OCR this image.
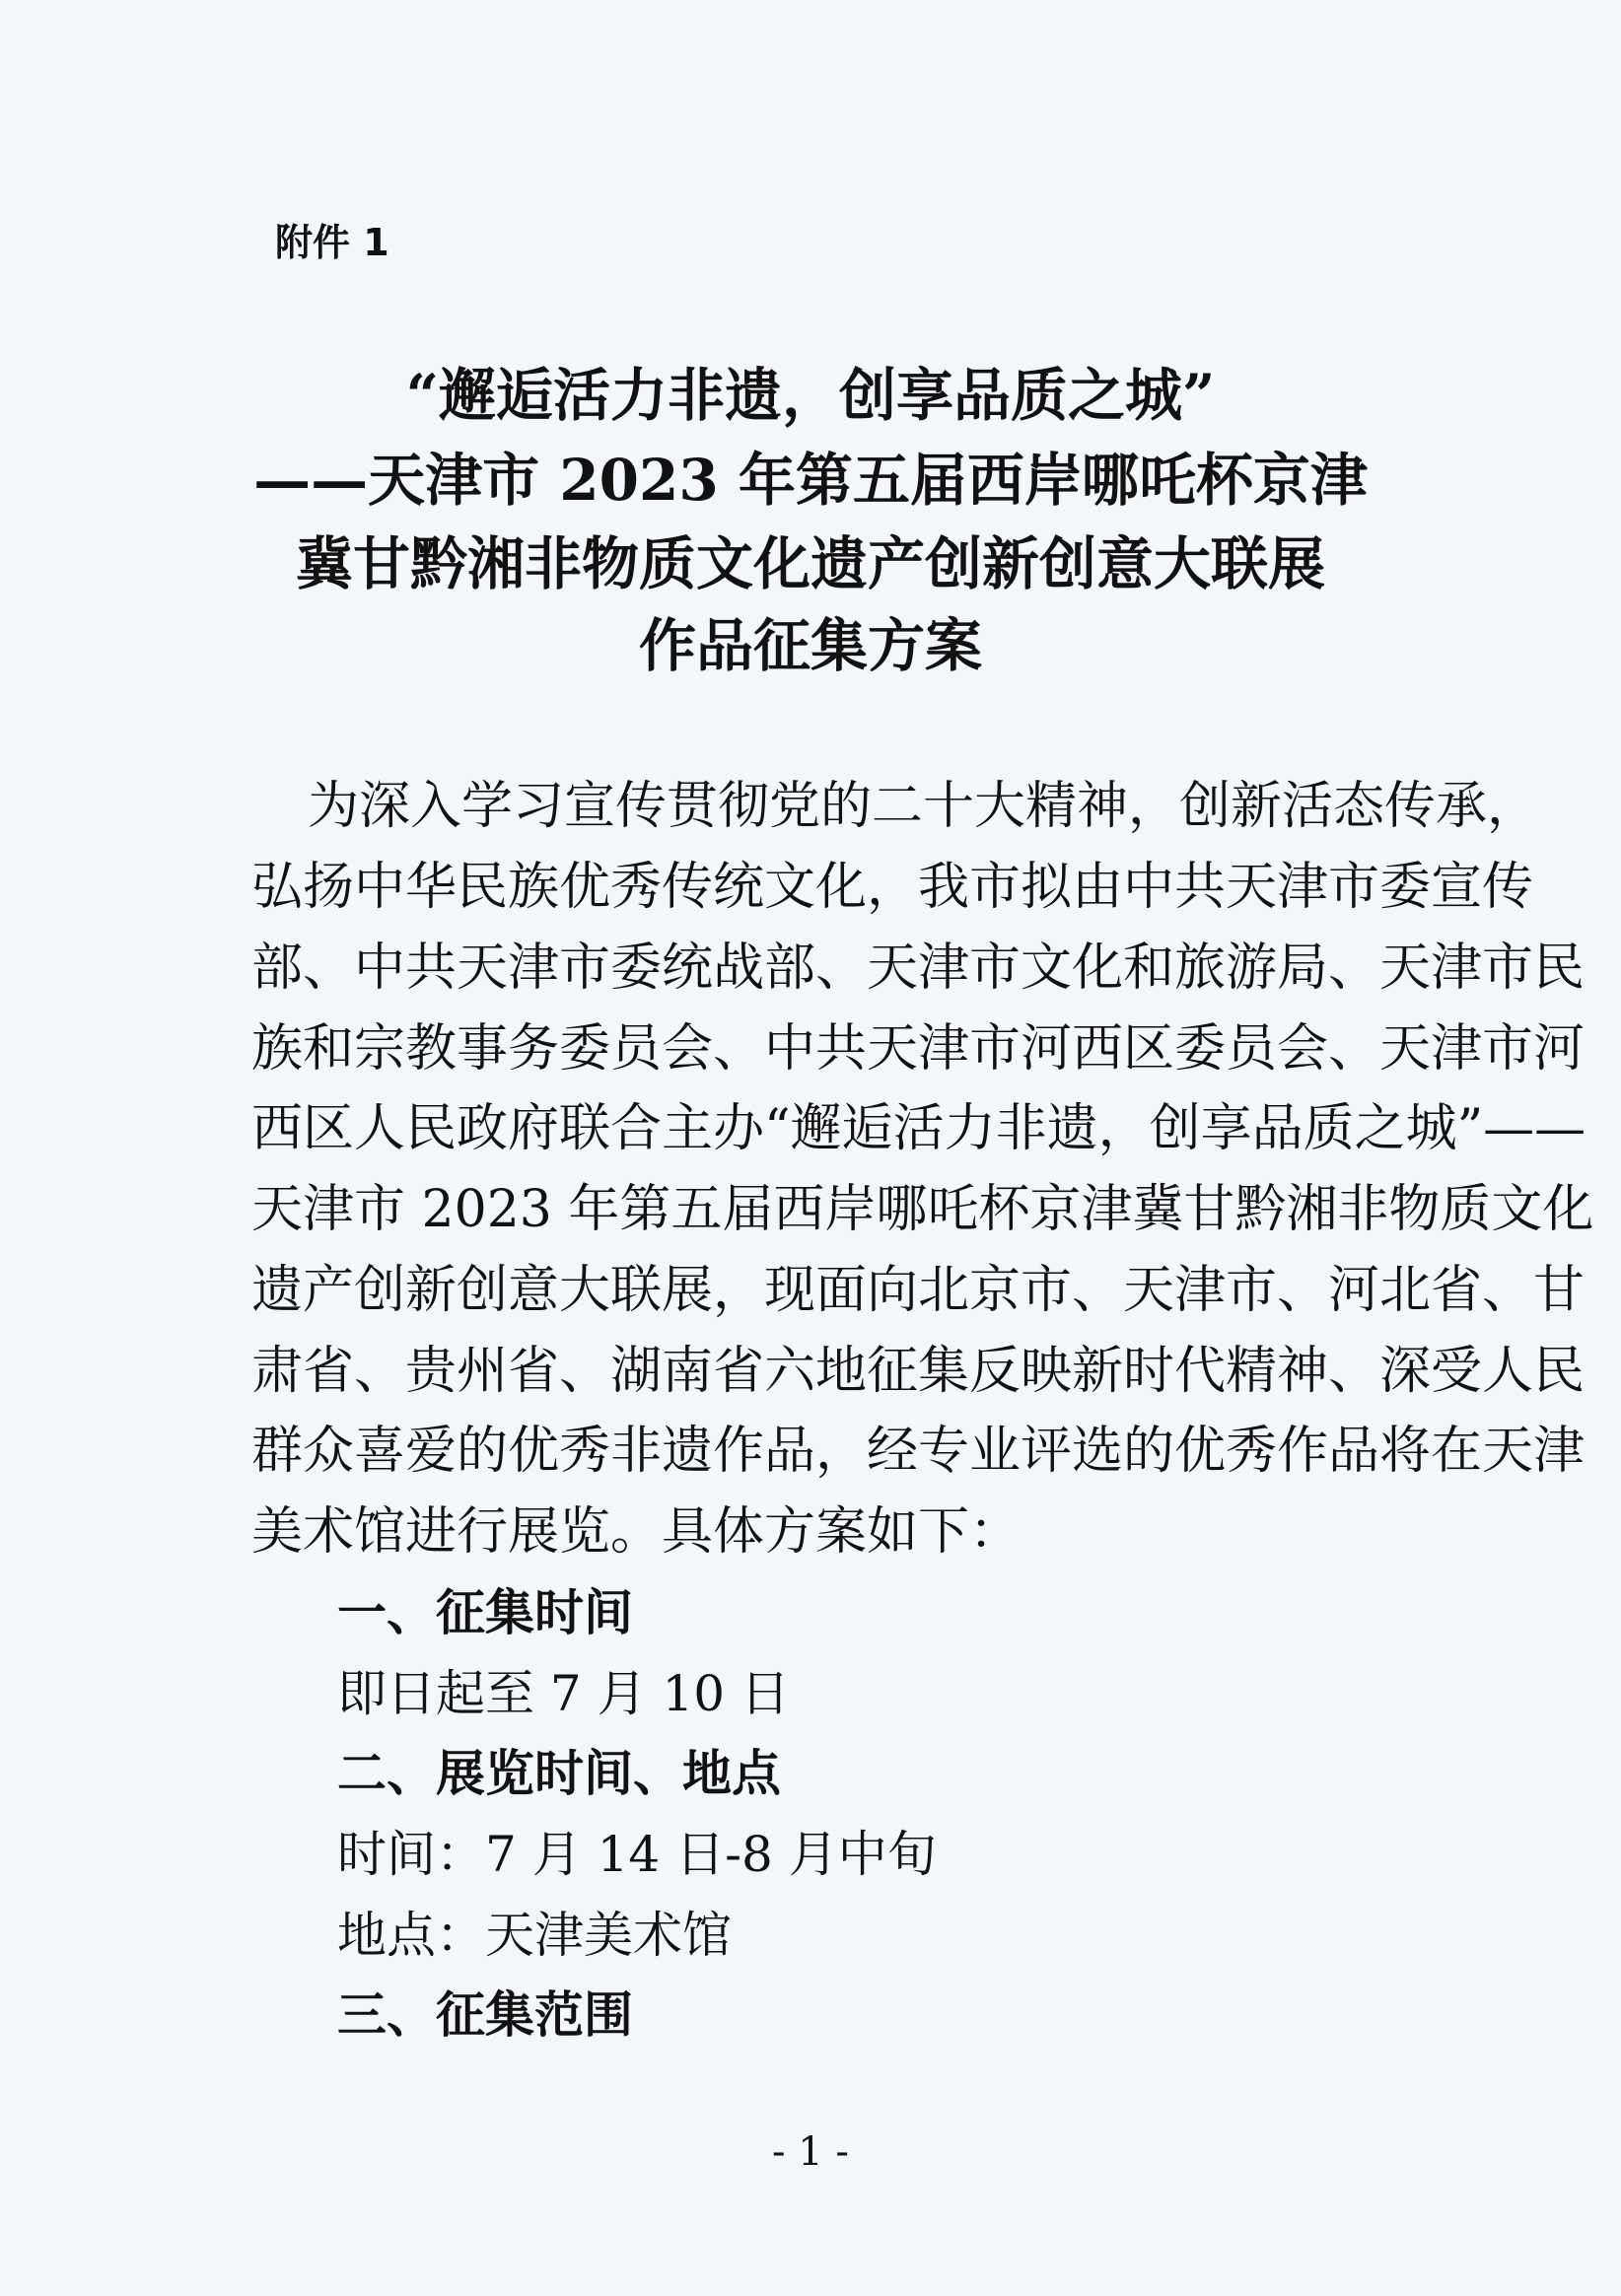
附件 1
“邂逅活力非遗，创享品质之城”
——天津市 2023 年第五届西岸哪吒杯京津
冀甘黔湘非物质文化遗产创新创意大联展
作品征集方案
为深入学习宣传贯彻党的二十大精神，创新活态传承，
弘扬中华民族优秀传统文化，我市拟由中共天津市委宣传
部、中共天津市委统战部、天津市文化和旅游局、天津市民
族和宗教事务委员会、中共天津市河西区委员会、天津市河
西区人民政府联合主办“邂逅活力非遗，创享品质之城”——
天津市 2023 年第五届西岸哪吒杯京津冀甘黔湘非物质文化
遗产创新创意大联展，现面向北京市、天津市、河北省、甘
肃省、贵州省、湖南省六地征集反映新时代精神、深受人民
群众喜爱的优秀非遗作品，经专业评选的优秀作品将在天津
美术馆进行展览。具体方案如下：
一、征集时间
即日起至 7 月 10 日
二、展览时间、地点
时间：7 月 14 日-8 月中旬
地点：天津美术馆
三、征集范围
- 1 -
